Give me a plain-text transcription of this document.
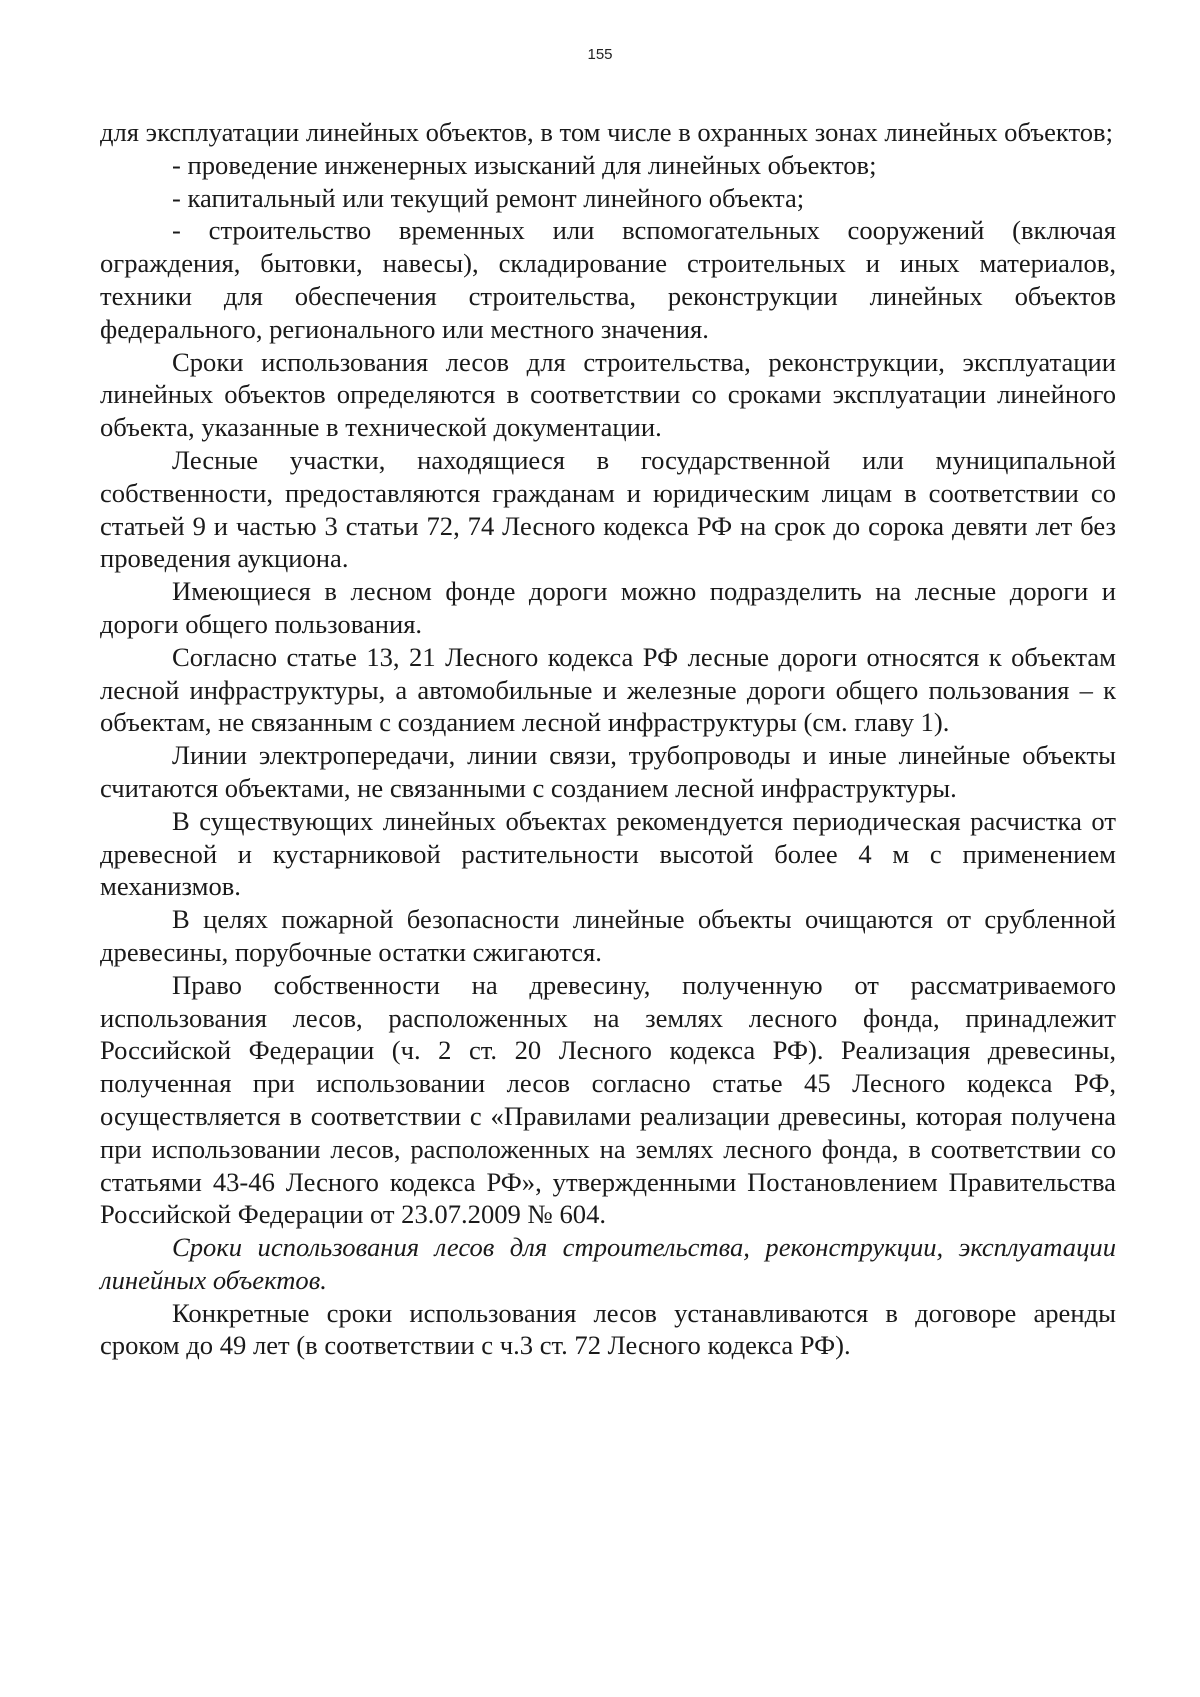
155

для эксплуатации линейных объектов, в том числе в охранных зонах линейных объектов;

- проведение инженерных изысканий для линейных объектов;

- капитальный или текущий ремонт линейного объекта;

- строительство временных или вспомогательных сооружений (включая ограждения, бытовки, навесы), складирование строительных и иных материалов, техники для обеспечения строительства, реконструкции линейных объектов федерального, регионального или местного значения.

Сроки использования лесов для строительства, реконструкции, эксплуатации линейных объектов определяются в соответствии со сроками эксплуатации линейного объекта, указанные в технической документации.

Лесные участки, находящиеся в государственной или муниципальной собственности, предоставляются гражданам и юридическим лицам в соответствии со статьей 9 и частью 3 статьи 72, 74 Лесного кодекса РФ на срок до сорока девяти лет без проведения аукциона.

Имеющиеся в лесном фонде дороги можно подразделить на лесные дороги и дороги общего пользования.

Согласно статье 13, 21 Лесного кодекса РФ лесные дороги относятся к объектам лесной инфраструктуры, а автомобильные и железные дороги общего пользования – к объектам, не связанным с созданием лесной инфраструктуры (см. главу 1).

Линии электропередачи, линии связи, трубопроводы и иные линейные объекты считаются объектами, не связанными с созданием лесной инфраструктуры.

В существующих линейных объектах рекомендуется периодическая расчистка от древесной и кустарниковой растительности высотой более 4 м с применением механизмов.

В целях пожарной безопасности линейные объекты очищаются от срубленной древесины, порубочные остатки сжигаются.

Право собственности на древесину, полученную от рассматриваемого использования лесов, расположенных на землях лесного фонда, принадлежит Российской Федерации (ч. 2 ст. 20 Лесного кодекса РФ). Реализация древесины, полученная при использовании лесов согласно статье 45 Лесного кодекса РФ, осуществляется в соответствии с «Правилами реализации древесины, которая получена при использовании лесов, расположенных на землях лесного фонда, в соответствии со статьями 43-46 Лесного кодекса РФ», утвержденными Постановлением Правительства Российской Федерации от 23.07.2009 № 604.

Сроки использования лесов для строительства, реконструкции, эксплуатации линейных объектов.

Конкретные сроки использования лесов устанавливаются в договоре аренды сроком до 49 лет (в соответствии с ч.3 ст. 72 Лесного кодекса РФ).
